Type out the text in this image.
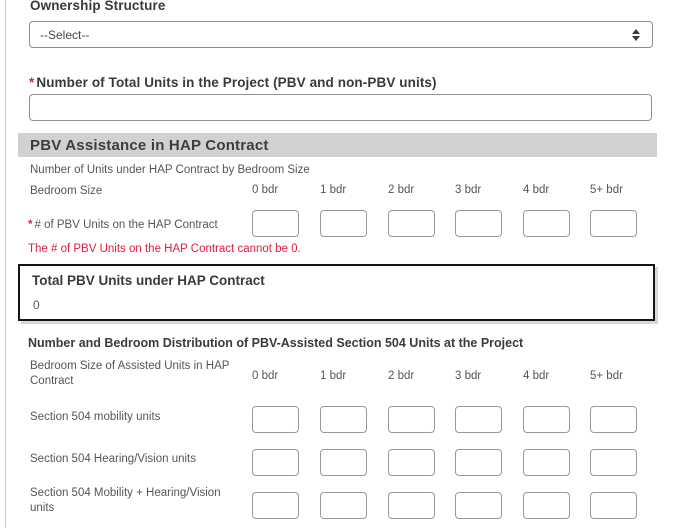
Ownership Structure
--Select--
* Number of Total Units in the Project (PBV and non-PBV units)
PBV Assistance in HAP Contract
Number of Units under HAP Contract by Bedroom Size
Bedroom Size	0 bdr	1 bdr	2 bdr	3 bdr	4 bdr	5+ bdr
* # of PBV Units on the HAP Contract
The # of PBV Units on the HAP Contract cannot be 0.
Total PBV Units under HAP Contract
0
Number and Bedroom Distribution of PBV-Assisted Section 504 Units at the Project
Bedroom Size of Assisted Units in HAP Contract	0 bdr	1 bdr	2 bdr	3 bdr	4 bdr	5+ bdr
Section 504 mobility units
Section 504 Hearing/Vision units
Section 504 Mobility + Hearing/Vision units
